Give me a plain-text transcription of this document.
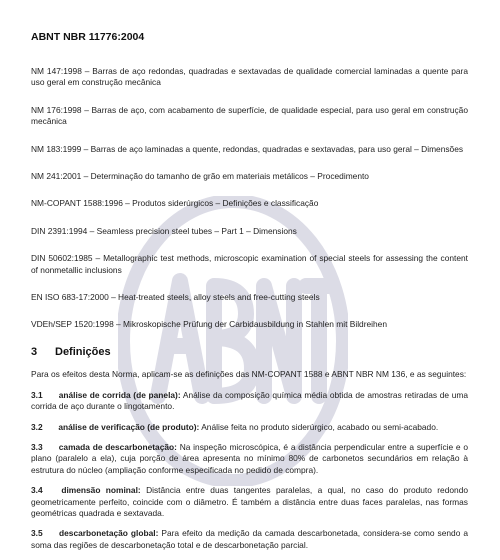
ABNT NBR 11776:2004

NM 147:1998 – Barras de aço redondas, quadradas e sextavadas de qualidade comercial laminadas a quente para uso geral em construção mecânica

NM 176:1998 – Barras de aço, com acabamento de superfície, de qualidade especial, para uso geral em construção mecânica

NM 183:1999 – Barras de aço laminadas a quente, redondas, quadradas e sextavadas, para uso geral – Dimensões

NM 241:2001 – Determinação do tamanho de grão em materiais metálicos – Procedimento

NM-COPANT 1588:1996 – Produtos siderúrgicos – Definições e classificação

DIN 2391:1994 – Seamless precision steel tubes – Part 1 – Dimensions

DIN 50602:1985 – Metallographic test methods, microscopic examination of special steels for assessing the content of nonmetallic inclusions

EN ISO 683-17:2000 – Heat-treated steels, alloy steels and free-cutting steels

VDEh/SEP 1520:1998 – Mikroskopische Prüfung der Carbidausbildung in Stahlen mit Bildreihen

3	Definições

Para os efeitos desta Norma, aplicam-se as definições das NM-COPANT 1588 e ABNT NBR NM 136, e as seguintes:

3.1 análise de corrida (de panela): Análise da composição química média obtida de amostras retiradas de uma corrida de aço durante o lingotamento.

3.2 análise de verificação (de produto): Análise feita no produto siderúrgico, acabado ou semi-acabado.

3.3 camada de descarbonetação: Na inspeção microscópica, é a distância perpendicular entre a superfície e o plano (paralelo a ela), cuja porção de área apresenta no mínimo 80% de carbonetos secundários em relação à estrutura do núcleo (ampliação conforme especificada no pedido de compra).

3.4 dimensão nominal: Distância entre duas tangentes paralelas, a qual, no caso do produto redondo geometricamente perfeito, coincide com o diâmetro. É também a distância entre duas faces paralelas, nas formas geométricas quadrada e sextavada.

3.5 descarbonetação global: Para efeito da medição da camada descarbonetada, considera-se como sendo a soma das regiões de descarbonetação total e de descarbonetação parcial.
